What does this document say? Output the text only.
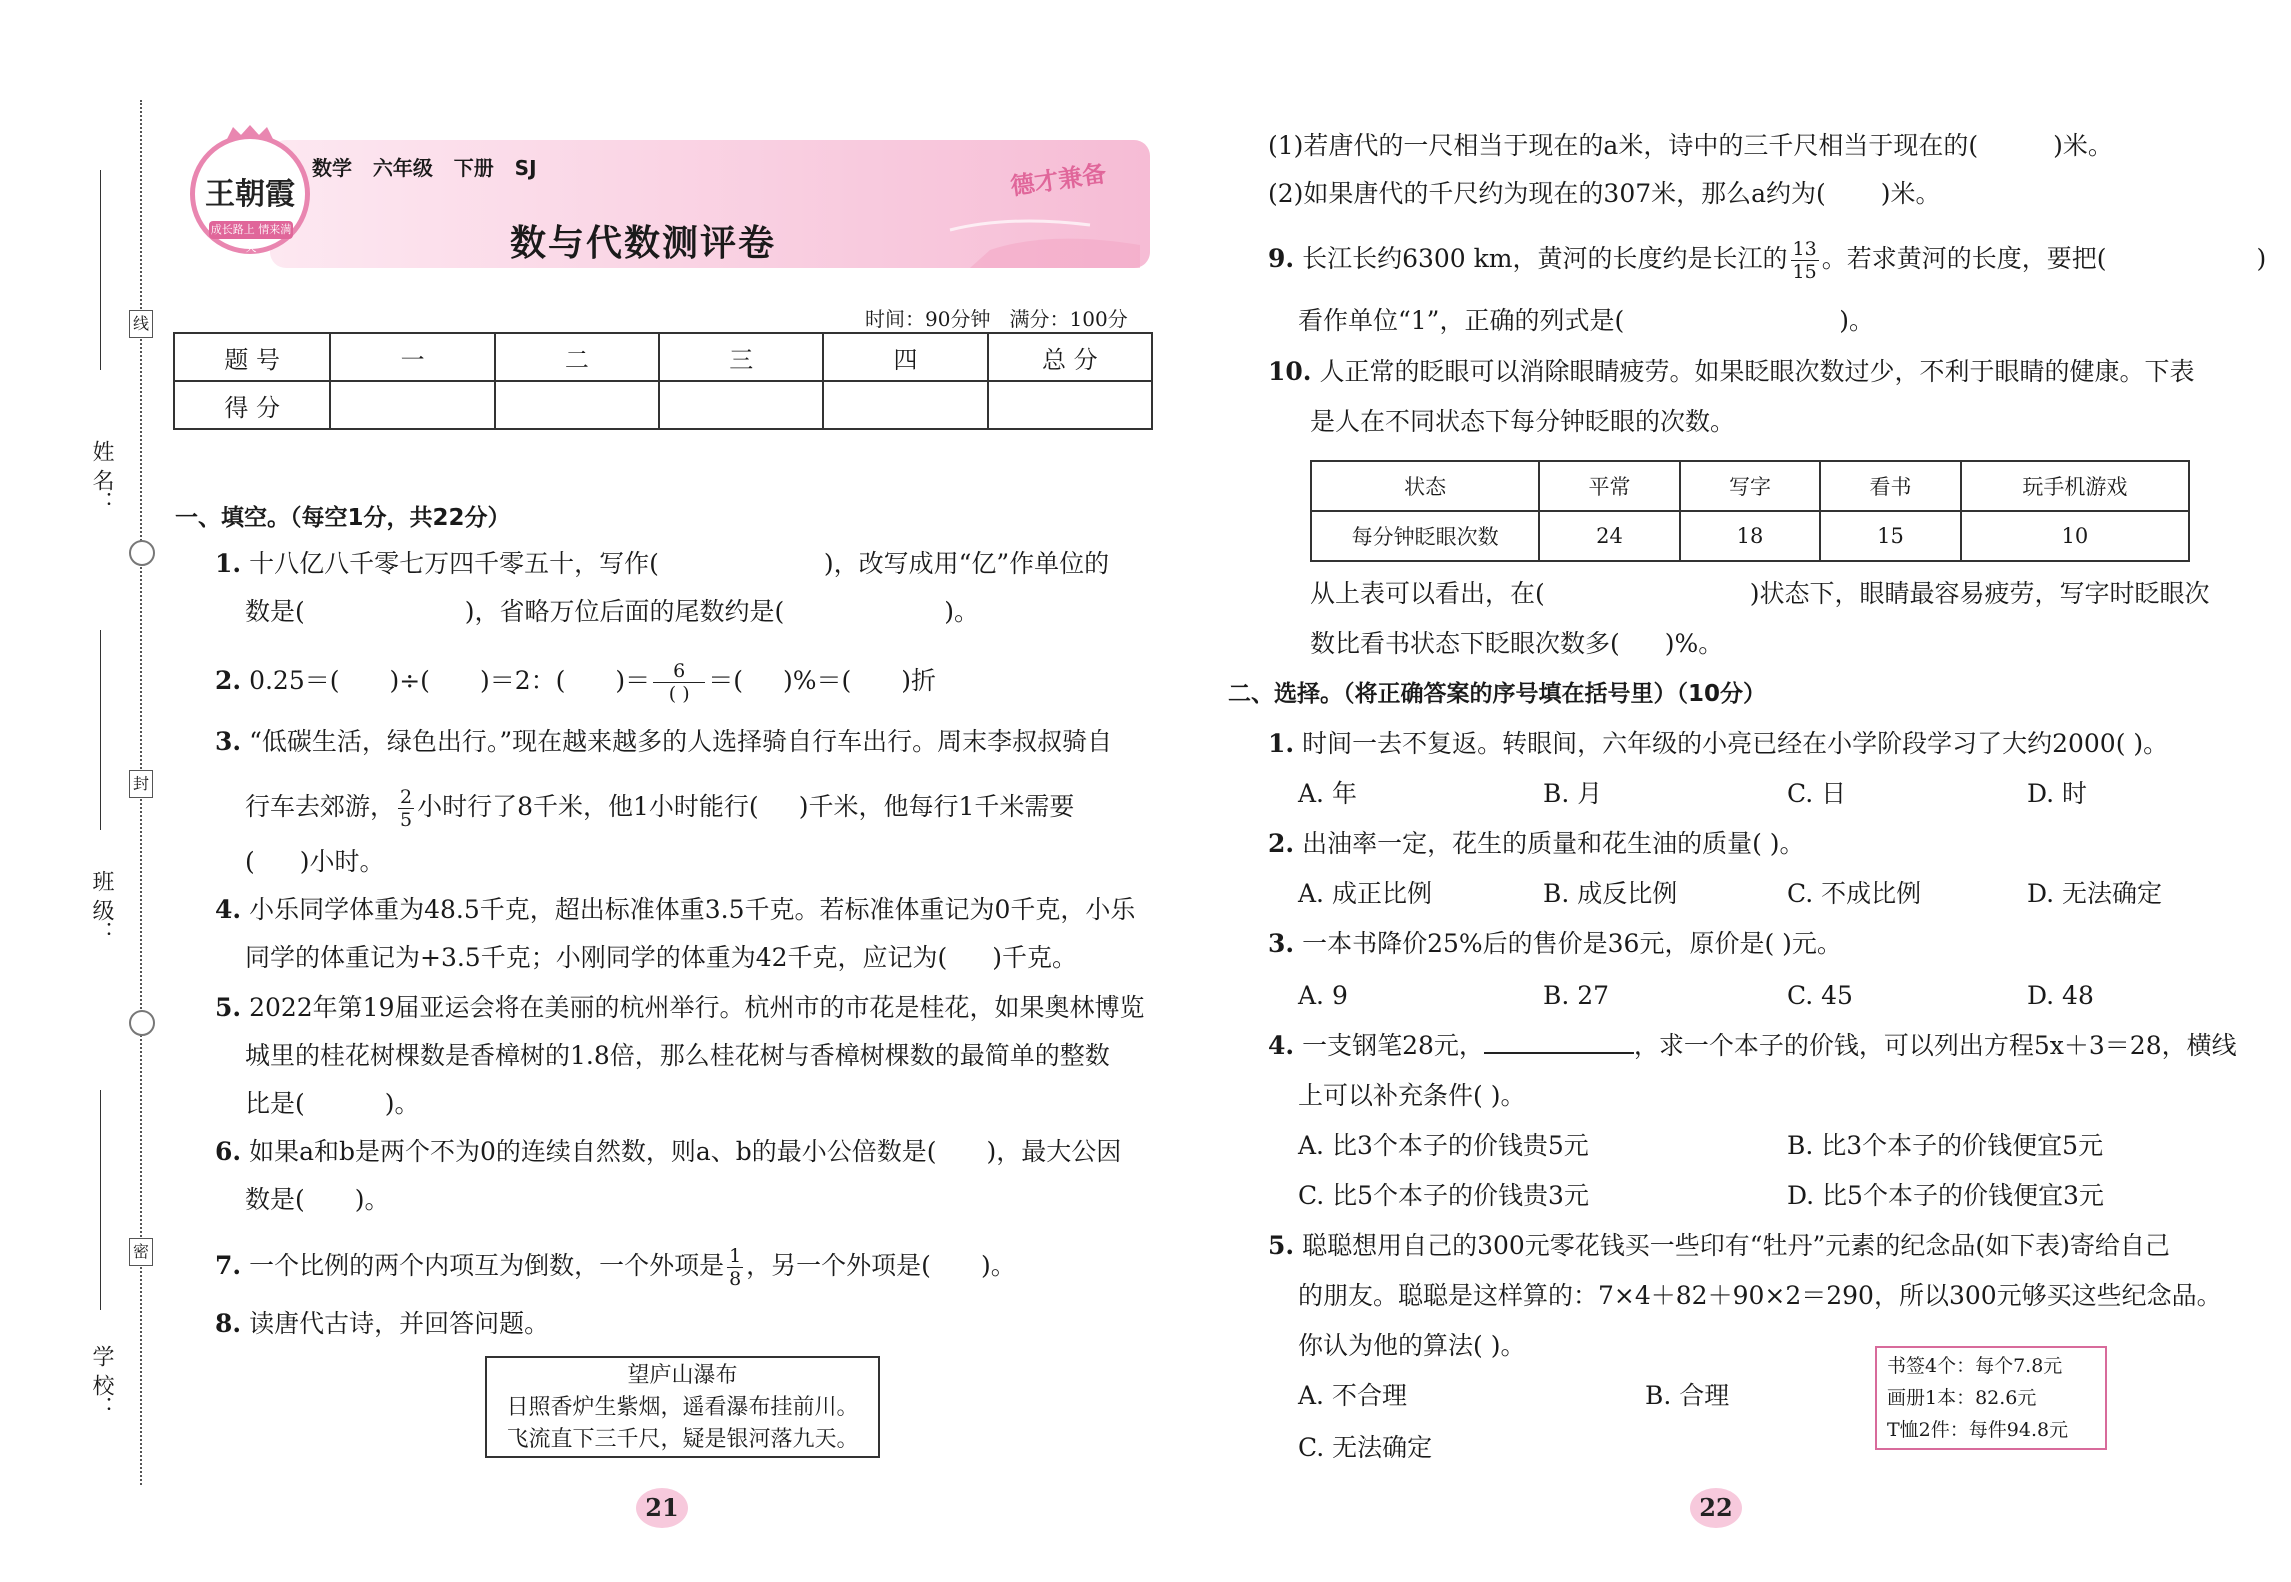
线
封
密
姓 名：
班 级：
学 校：
王朝霞
成长路上 情来满天
数学   六年级   下册   SJ
数与代数测评卷
德才兼备
时间：90分钟   满分：100分
题 号	一	二	三	四	总 分
得 分					
一、填空。（每空1分，共22分）
1. 十八亿八千零七万四千零五十，写作(	)，改写成用“亿”作单位的
数是(	)，省略万位后面的尾数约是(	)。
2. 0.25＝( )÷( )＝2：( )＝ $\frac{6}{( )}$ ＝( )%＝( )折
3. “低碳生活，绿色出行。”现在越来越多的人选择骑自行车出行。周末李叔叔骑自
行车去郊游， $\frac{2}{5}$ 小时行了8千米，他1小时能行( )千米，他每行1千米需要
( )小时。
4. 小乐同学体重为48.5千克，超出标准体重3.5千克。若标准体重记为0千克，小乐
同学的体重记为+3.5千克；小刚同学的体重为42千克，应记为( )千克。
5. 2022年第19届亚运会将在美丽的杭州举行。杭州市的市花是桂花，如果奥林博览
城里的桂花树棵数是香樟树的1.8倍，那么桂花树与香樟树棵数的最简单的整数
比是(	)。
6. 如果a和b是两个不为0的连续自然数，则a、b的最小公倍数是( )，最大公因
数是( )。
7. 一个比例的两个内项互为倒数，一个外项是 $\frac{1}{8}$ ，另一个外项是( )。
8. 读唐代古诗，并回答问题。
望庐山瀑布
日照香炉生紫烟，遥看瀑布挂前川。
飞流直下三千尺，疑是银河落九天。
21
(1)若唐代的一尺相当于现在的a米，诗中的三千尺相当于现在的(	)米。
(2)如果唐代的千尺约为现在的307米，那么a约为( )米。
9. 长江长约6300 km，黄河的长度约是长江的 $\frac{13}{15}$ 。若求黄河的长度，要把(	)
看作单位“1”，正确的列式是(	)。
10. 人正常的眨眼可以消除眼睛疲劳。如果眨眼次数过少，不利于眼睛的健康。下表
是人在不同状态下每分钟眨眼的次数。
状态	平常	写字	看书	玩手机游戏
每分钟眨眼次数	24	18	15	10
从上表可以看出，在(	)状态下，眼睛最容易疲劳，写字时眨眼次
数比看书状态下眨眼次数多( )%。
二、选择。（将正确答案的序号填在括号里）（10分）
1. 时间一去不复返。转眼间，六年级的小亮已经在小学阶段学习了大约2000( )。
A. 年	B. 月	C. 日	D. 时
2. 出油率一定，花生的质量和花生油的质量( )。
A. 成正比例	B. 成反比例	C. 不成比例	D. 无法确定
3. 一本书降价25%后的售价是36元，原价是( )元。
A. 9	B. 27	C. 45	D. 48
4. 一支钢笔28元，	，求一个本子的价钱，可以列出方程5x＋3＝28，横线
上可以补充条件( )。
A. 比3个本子的价钱贵5元	B. 比3个本子的价钱便宜5元
C. 比5个本子的价钱贵3元	D. 比5个本子的价钱便宜3元
5. 聪聪想用自己的300元零花钱买一些印有“牡丹”元素的纪念品(如下表)寄给自己
的朋友。聪聪是这样算的：7×4＋82＋90×2＝290，所以300元够买这些纪念品。
你认为他的算法( )。
A. 不合理	B. 合理
C. 无法确定
书签4个：每个7.8元
画册1本：82.6元
T恤2件：每件94.8元
22
